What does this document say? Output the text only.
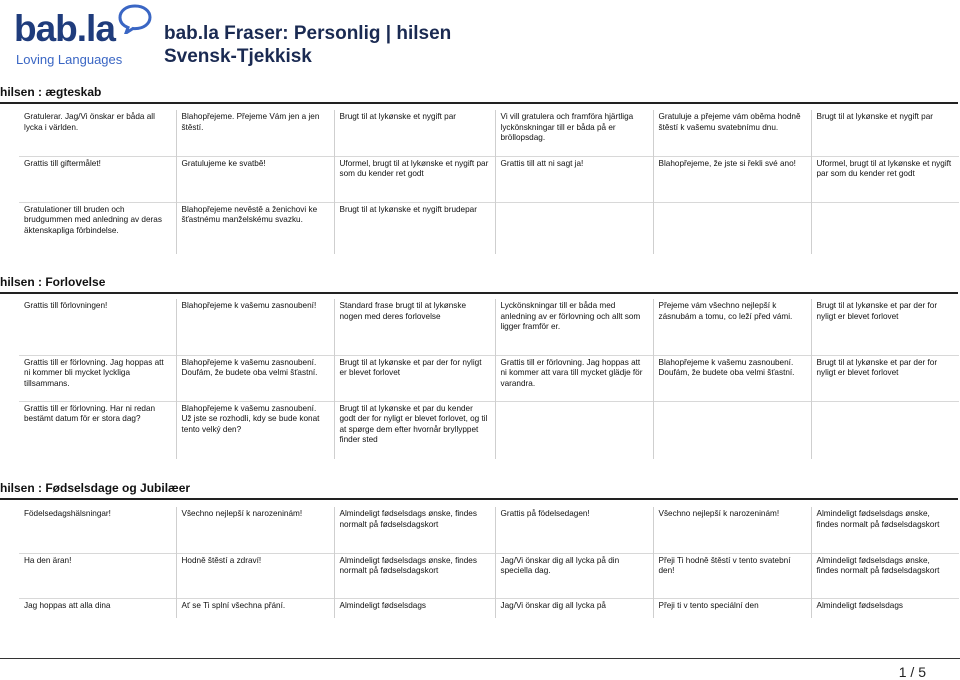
bab.la
Loving Languages
bab.la Fraser: Personlig | hilsen
Svensk-Tjekkisk
hilsen : ægteskab
Gratulerar. Jag/Vi önskar er båda all lycka i världen.	Blahopřejeme. Přejeme Vám jen a jen štěstí.	Brugt til at lykønske et nygift par	Vi vill gratulera och framföra hjärtliga lyckönskningar till er båda på er bröllopsdag.	Gratuluje a přejeme vám oběma hodně štěstí k vašemu svatebnímu dnu.	Brugt til at lykønske et nygift par
Grattis till giftermålet!	Gratulujeme ke svatbě!	Uformel, brugt til at lykønske et nygift par som du kender ret godt	Grattis till att ni sagt ja!	Blahopřejeme, že jste si řekli své ano!	Uformel, brugt til at lykønske et nygift par som du kender ret godt
Gratulationer till bruden och brudgummen med anledning av deras äktenskapliga förbindelse.	Blahopřejeme nevěstě a ženichovi ke šťastnému manželskému svazku.	Brugt til at lykønske et nygift brudepar			
hilsen : Forlovelse
Grattis till förlovningen!	Blahopřejeme k vašemu zasnoubení!	Standard frase brugt til at lykønske nogen med deres forlovelse	Lyckönskningar till er båda med anledning av er förlovning och allt som ligger framför er.	Přejeme vám všechno nejlepší k zásnubám a tomu, co leží před vámi.	Brugt til at lykønske et par der for nyligt er blevet forlovet
Grattis till er förlovning. Jag hoppas att ni kommer bli mycket lyckliga tillsammans.	Blahopřejeme k vašemu zasnoubení. Doufám, že budete oba velmi šťastní.	Brugt til at lykønske et par der for nyligt er blevet forlovet	Grattis till er förlovning. Jag hoppas att ni kommer att vara till mycket glädje för varandra.	Blahopřejeme k vašemu zasnoubení. Doufám, že budete oba velmi šťastní.	Brugt til at lykønske et par der for nyligt er blevet forlovet
Grattis till er förlovning. Har ni redan bestämt datum för er stora dag?	Blahopřejeme k vašemu zasnoubení. Už jste se rozhodli, kdy se bude konat tento velký den?	Brugt til at lykønske et par du kender godt der for nyligt er blevet forlovet, og til at spørge dem efter hvornår bryllyppet finder sted			
hilsen : Fødselsdage og Jubilæer
Födelsedagshälsningar!	Všechno nejlepší k narozeninám!	Almindeligt fødselsdags ønske, findes normalt på fødselsdagskort	Grattis på födelsedagen!	Všechno nejlepší k narozeninám!	Almindeligt fødselsdags ønske, findes normalt på fødselsdagskort
Ha den äran!	Hodně štěstí a zdraví!	Almindeligt fødselsdags ønske, findes normalt på fødselsdagskort	Jag/Vi önskar dig all lycka på din speciella dag.	Přeji Ti hodně štěstí v tento svatební den!	Almindeligt fødselsdags ønske, findes normalt på fødselsdagskort
Jag hoppas att alla dina	Ať se Ti splní všechna přání.	Almindeligt fødselsdags	Jag/Vi önskar dig all lycka på	Přeji ti v tento speciální den	Almindeligt fødselsdags
1 / 5
